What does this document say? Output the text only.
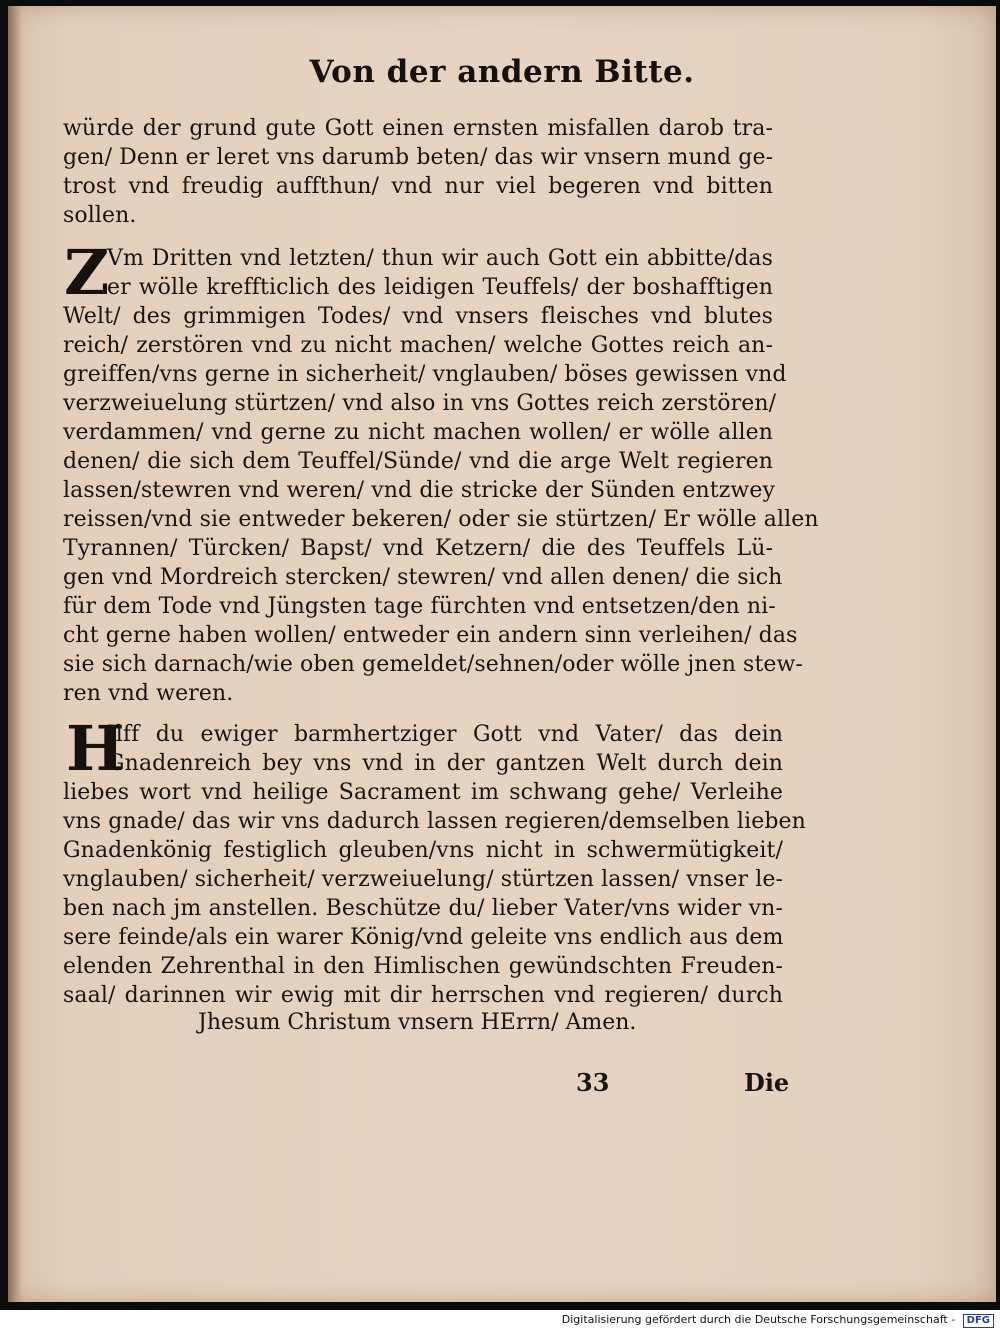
Von der andern Bitte.
würde der grund gute Gott einen ernsten misfallen darob tra-
gen/ Denn er leret vns darumb beten/ das wir vnsern mund ge-
trost vnd freudig auffthun/ vnd nur viel begeren vnd bitten
sollen.
Z
Vm Dritten vnd letzten/ thun wir auch Gott ein abbitte/das
er wölle kreffticlich des leidigen Teuffels/ der boshafftigen
Welt/ des grimmigen Todes/ vnd vnsers fleisches vnd blutes
reich/ zerstören vnd zu nicht machen/ welche Gottes reich an-
greiffen/vns gerne in sicherheit/ vnglauben/ böses gewissen vnd
verzweiuelung stürtzen/ vnd also in vns Gottes reich zerstören/
verdammen/ vnd gerne zu nicht machen wollen/ er wölle allen
denen/ die sich dem Teuffel/Sünde/ vnd die arge Welt regieren
lassen/stewren vnd weren/ vnd die stricke der Sünden entzwey
reissen/vnd sie entweder bekeren/ oder sie stürtzen/ Er wölle allen
Tyrannen/ Türcken/ Bapst/ vnd Ketzern/ die des Teuffels Lü-
gen vnd Mordreich stercken/ stewren/ vnd allen denen/ die sich
für dem Tode vnd Jüngsten tage fürchten vnd entsetzen/den ni-
cht gerne haben wollen/ entweder ein andern sinn verleihen/ das
sie sich darnach/wie oben gemeldet/sehnen/oder wölle jnen stew-
ren vnd weren.
H
Ilff du ewiger barmhertziger Gott vnd Vater/ das dein
Gnadenreich bey vns vnd in der gantzen Welt durch dein
liebes wort vnd heilige Sacrament im schwang gehe/ Verleihe
vns gnade/ das wir vns dadurch lassen regieren/demselben lieben
Gnadenkönig festiglich gleuben/vns nicht in schwermütigkeit/
vnglauben/ sicherheit/ verzweiuelung/ stürtzen lassen/ vnser le-
ben nach jm anstellen. Beschütze du/ lieber Vater/vns wider vn-
sere feinde/als ein warer König/vnd geleite vns endlich aus dem
elenden Zehrenthal in den Himlischen gewündschten Freuden-
saal/ darinnen wir ewig mit dir herrschen vnd regieren/ durch
Jhesum Christum vnsern HErrn/ Amen.
33	Die
Digitalisierung gefördert durch die Deutsche Forschungsgemeinschaft - DFG
